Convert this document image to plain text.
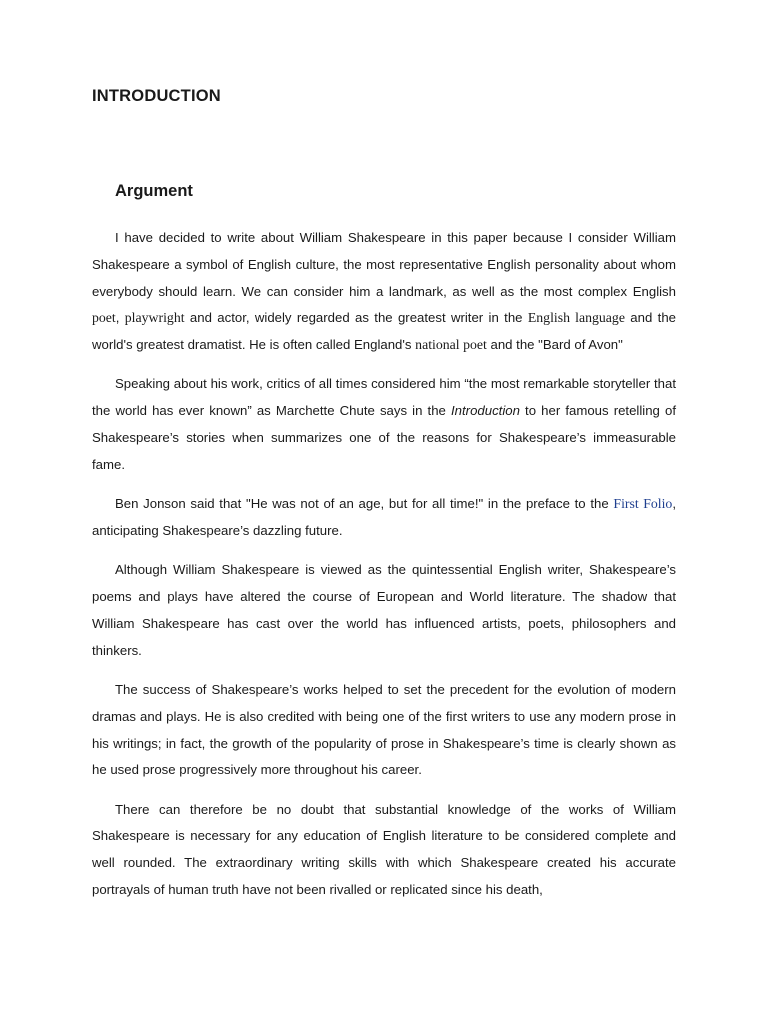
INTRODUCTION
Argument

I have decided to write about William Shakespeare in this paper because I consider William Shakespeare a symbol of English culture, the most representative English personality about whom everybody should learn. We can consider him a landmark, as well as the most complex English poet, playwright and actor, widely regarded as the greatest writer in the English language and the world's greatest dramatist. He is often called England's national poet and the "Bard of Avon"

Speaking about his work, critics of all times considered him “the most remarkable storyteller that the world has ever known” as Marchette Chute says in the Introduction to her famous retelling of Shakespeare’s stories when summarizes one of the reasons for Shakespeare’s immeasurable fame.

Ben Jonson said that "He was not of an age, but for all time!" in the preface to the First Folio, anticipating Shakespeare’s dazzling future.

Although William Shakespeare is viewed as the quintessential English writer, Shakespeare’s poems and plays have altered the course of European and World literature. The shadow that William Shakespeare has cast over the world has influenced artists, poets, philosophers and thinkers.

The success of Shakespeare’s works helped to set the precedent for the evolution of modern dramas and plays. He is also credited with being one of the first writers to use any modern prose in his writings; in fact, the growth of the popularity of prose in Shakespeare’s time is clearly shown as he used prose progressively more throughout his career.

There can therefore be no doubt that substantial knowledge of the works of William Shakespeare is necessary for any education of English literature to be considered complete and well rounded. The extraordinary writing skills with which Shakespeare created his accurate portrayals of human truth have not been rivalled or replicated since his death,
